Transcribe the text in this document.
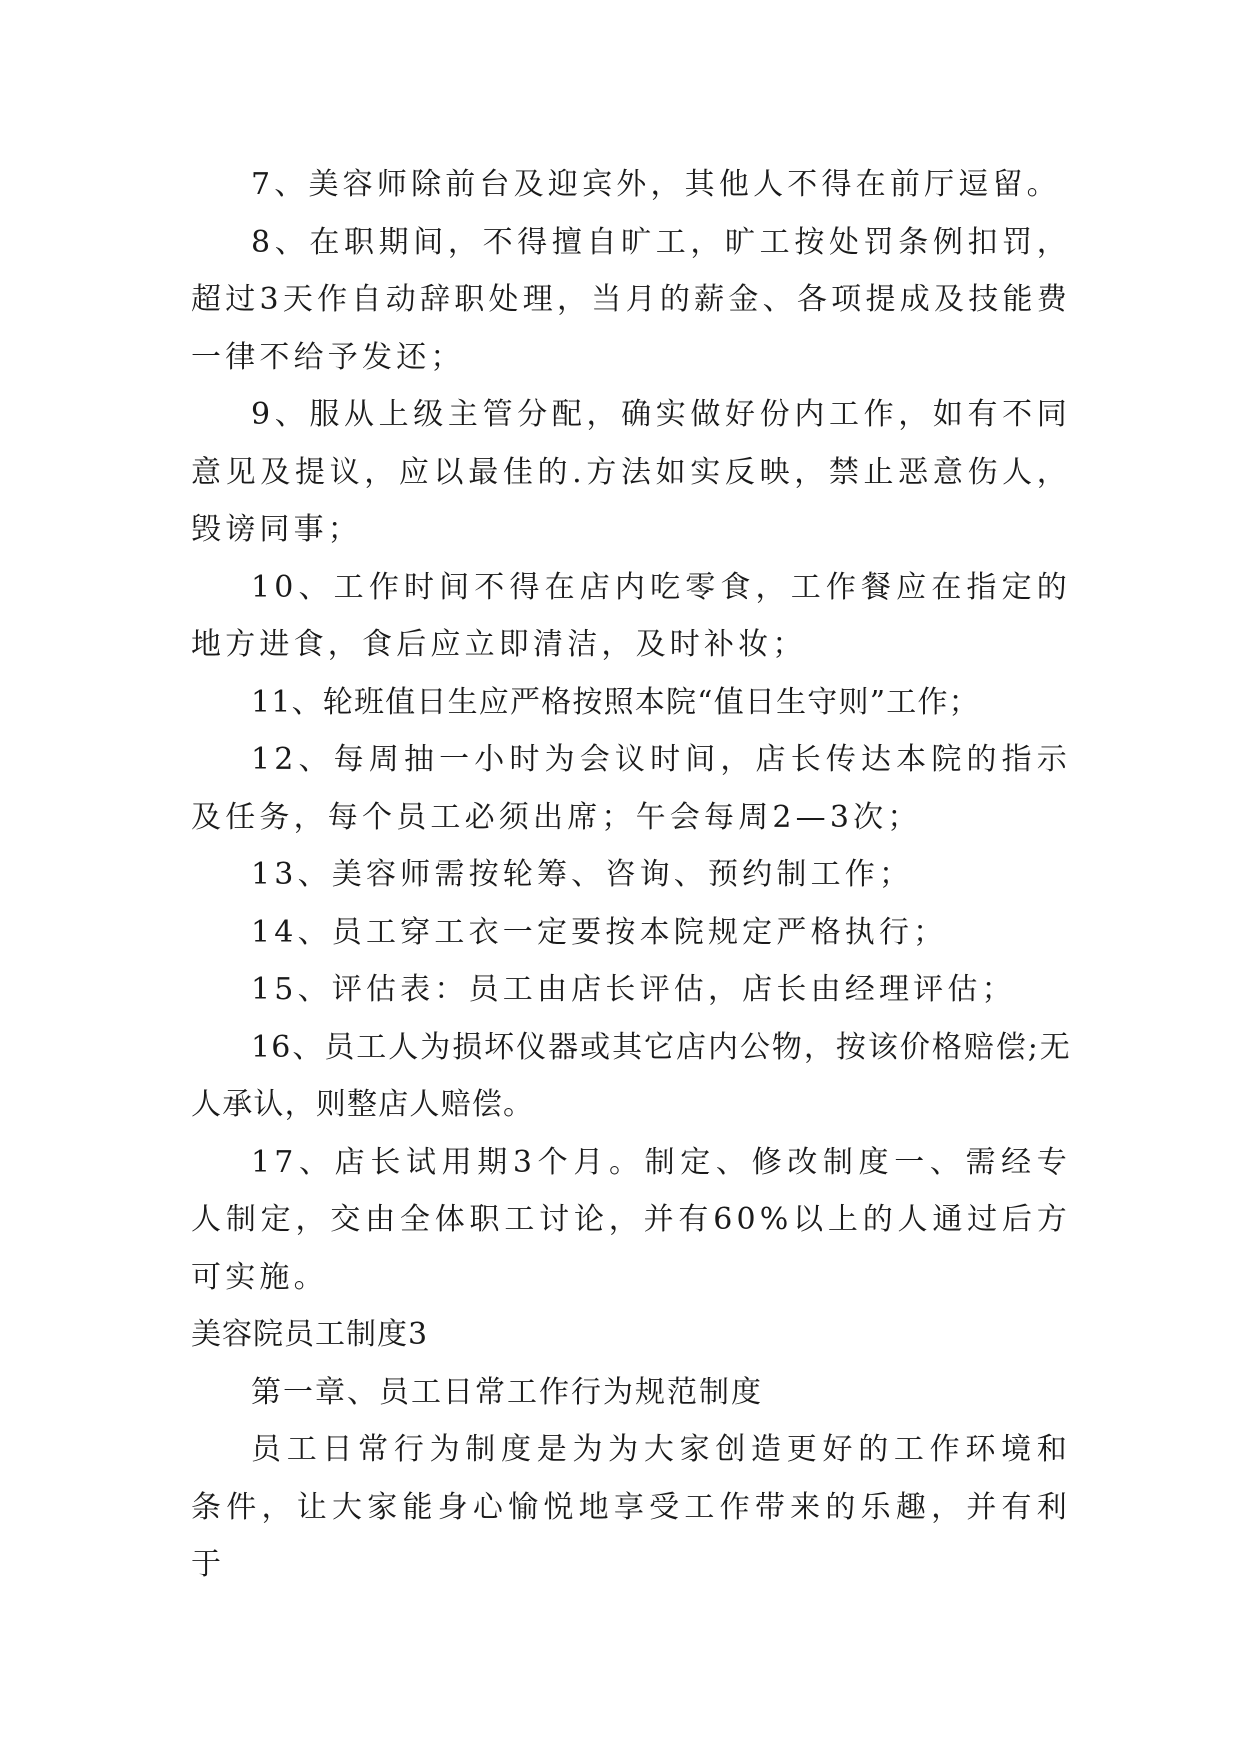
7、美容师除前台及迎宾外，其他人不得在前厅逗留。

8、在职期间，不得擅自旷工，旷工按处罚条例扣罚，超过3天作自动辞职处理，当月的薪金、各项提成及技能费一律不给予发还；

9、服从上级主管分配，确实做好份内工作，如有不同意见及提议，应以最佳的.方法如实反映，禁止恶意伤人，毁谤同事；

10、工作时间不得在店内吃零食，工作餐应在指定的地方进食，食后应立即清洁，及时补妆；

11、轮班值日生应严格按照本院“值日生守则”工作；

12、每周抽一小时为会议时间，店长传达本院的指示及任务，每个员工必须出席；午会每周2—3次；

13、美容师需按轮筹、咨询、预约制工作；

14、员工穿工衣一定要按本院规定严格执行；

15、评估表：员工由店长评估，店长由经理评估；

16、员工人为损坏仪器或其它店内公物，按该价格赔偿;无人承认，则整店人赔偿。

17、店长试用期3个月。制定、修改制度一、需经专人制定，交由全体职工讨论，并有60%以上的人通过后方可实施。

美容院员工制度3

第一章、员工日常工作行为规范制度

员工日常行为制度是为为大家创造更好的工作环境和条件，让大家能身心愉悦地享受工作带来的乐趣，并有利于
